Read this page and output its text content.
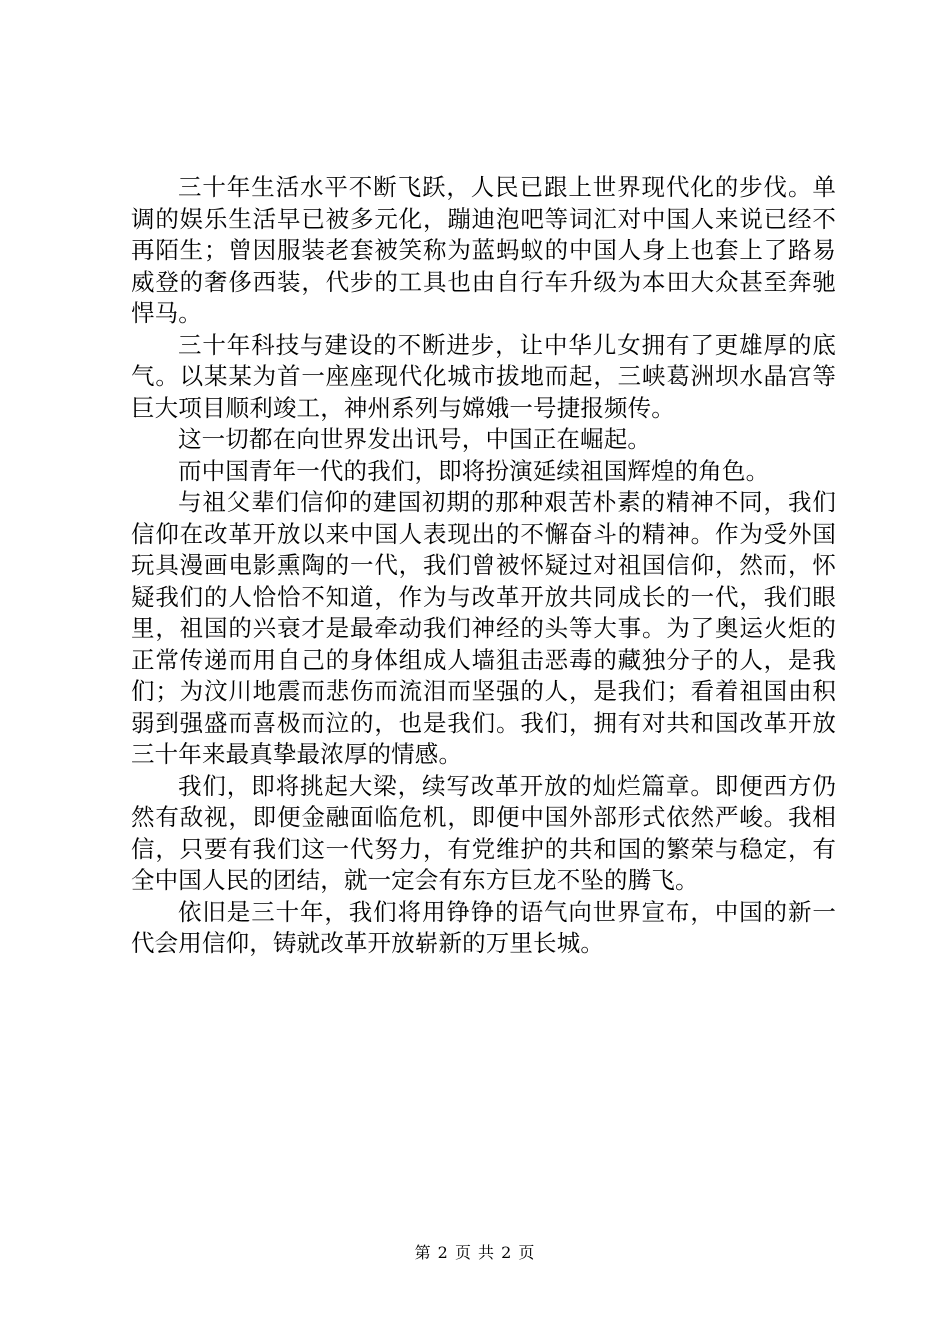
三十年生活水平不断飞跃，人民已跟上世界现代化的步伐。单调的娱乐生活早已被多元化，蹦迪泡吧等词汇对中国人来说已经不再陌生；曾因服装老套被笑称为蓝蚂蚁的中国人身上也套上了路易威登的奢侈西装，代步的工具也由自行车升级为本田大众甚至奔驰悍马。

三十年科技与建设的不断进步，让中华儿女拥有了更雄厚的底气。以某某为首一座座现代化城市拔地而起，三峡葛洲坝水晶宫等巨大项目顺利竣工，神州系列与嫦娥一号捷报频传。

这一切都在向世界发出讯号，中国正在崛起。

而中国青年一代的我们，即将扮演延续祖国辉煌的角色。

与祖父辈们信仰的建国初期的那种艰苦朴素的精神不同，我们信仰在改革开放以来中国人表现出的不懈奋斗的精神。作为受外国玩具漫画电影熏陶的一代，我们曾被怀疑过对祖国信仰，然而，怀疑我们的人恰恰不知道，作为与改革开放共同成长的一代，我们眼里，祖国的兴衰才是最牵动我们神经的头等大事。为了奥运火炬的正常传递而用自己的身体组成人墙狙击恶毒的藏独分子的人，是我们；为汶川地震而悲伤而流泪而坚强的人，是我们；看着祖国由积弱到强盛而喜极而泣的，也是我们。我们，拥有对共和国改革开放三十年来最真挚最浓厚的情感。

我们，即将挑起大梁，续写改革开放的灿烂篇章。即便西方仍然有敌视，即便金融面临危机，即便中国外部形式依然严峻。我相信，只要有我们这一代努力，有党维护的共和国的繁荣与稳定，有全中国人民的团结，就一定会有东方巨龙不坠的腾飞。

依旧是三十年，我们将用铮铮的语气向世界宣布，中国的新一代会用信仰，铸就改革开放崭新的万里长城。

第 2 页 共 2 页
